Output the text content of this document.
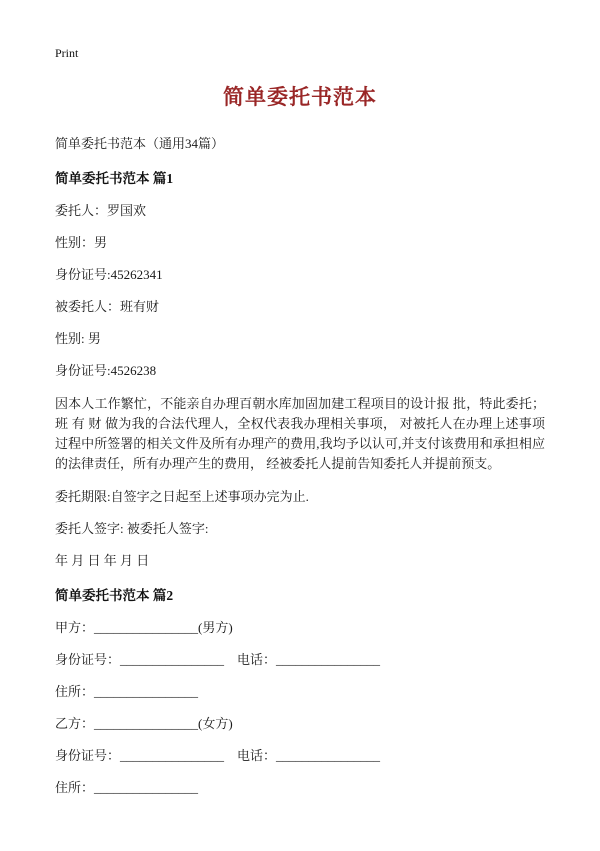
Print
简单委托书范本

简单委托书范本（通用34篇）

简单委托书范本 篇1

委托人：罗国欢

性别：男

身份证号:45262341

被委托人：班有财

性别: 男

身份证号:4526238

因本人工作繁忙，不能亲自办理百朝水库加固加建工程项目的设计报 批，特此委托；班 有 财 做为我的合法代理人，全权代表我办理相关事项， 对被托人在办理上述事项过程中所签署的相关文件及所有办理产的费用,我均予以认可,并支付该费用和承担相应的法律责任，所有办理产生的费用， 经被委托人提前告知委托人并提前预支。

委托期限:自签字之日起至上述事项办完为止.

委托人签字: 被委托人签字:

年 月 日 年 月 日

简单委托书范本 篇2

甲方：________________(男方)

身份证号：________________　电话：________________

住所：________________

乙方：________________(女方)

身份证号：________________　电话：________________

住所：________________
